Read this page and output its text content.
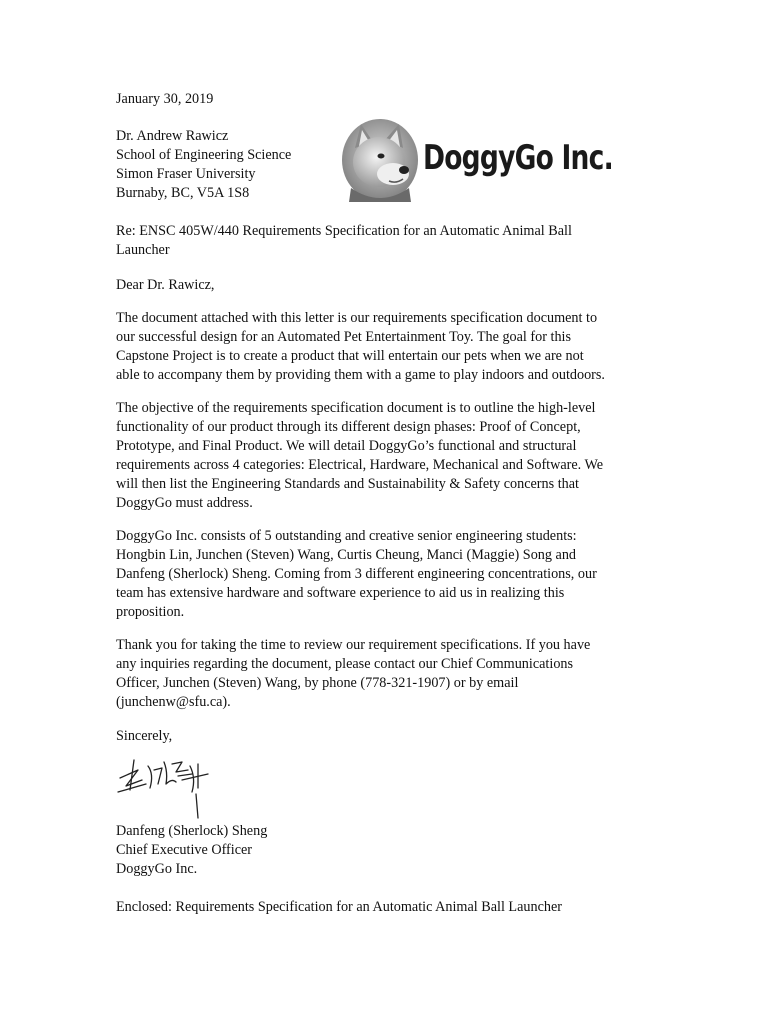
January 30, 2019

Dr. Andrew Rawicz

School of Engineering Science

Simon Fraser University

Burnaby, BC, V5A 1S8

DoggyGo Inc.
Re: ENSC 405W/440 Requirements Specification for an Automatic Animal Ball
Launcher

Dear Dr. Rawicz,

The document attached with this letter is our requirements specification document to
our successful design for an Automated Pet Entertainment Toy. The goal for this
Capstone Project is to create a product that will entertain our pets when we are not
able to accompany them by providing them with a game to play indoors and outdoors.
The objective of the requirements specification document is to outline the high-level
functionality of our product through its different design phases: Proof of Concept,
Prototype, and Final Product. We will detail DoggyGo’s functional and structural
requirements across 4 categories: Electrical, Hardware, Mechanical and Software. We
will then list the Engineering Standards and Sustainability & Safety concerns that
DoggyGo must address.
DoggyGo Inc. consists of 5 outstanding and creative senior engineering students:
Hongbin Lin, Junchen (Steven) Wang, Curtis Cheung, Manci (Maggie) Song and
Danfeng (Sherlock) Sheng. Coming from 3 different engineering concentrations, our
team has extensive hardware and software experience to aid us in realizing this
proposition.
Thank you for taking the time to review our requirement specifications. If you have
any inquiries regarding the document, please contact our Chief Communications
Officer, Junchen (Steven) Wang, by phone (778-321-1907) or by email
(junchenw@sfu.ca).

Sincerely,

Danfeng (Sherlock) Sheng

Chief Executive Officer

DoggyGo Inc.

Enclosed: Requirements Specification for an Automatic Animal Ball Launcher
